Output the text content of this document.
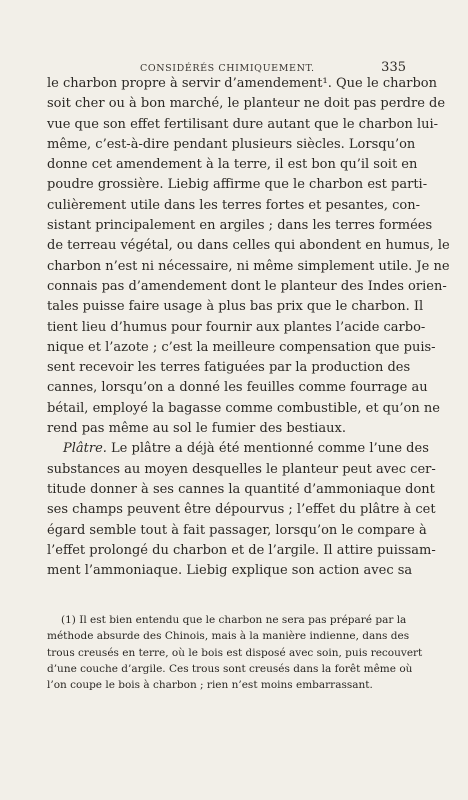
CONSIDÉRÉS CHIMIQUEMENT.	335
le charbon propre à servir d’amendement¹. Que le charbon
soit cher ou à bon marché, le planteur ne doit pas perdre de
vue que son effet fertilisant dure autant que le charbon lui-
même, c’est-à-dire pendant plusieurs siècles. Lorsqu’on
donne cet amendement à la terre, il est bon qu’il soit en
poudre grossière. Liebig affirme que le charbon est parti-
culièrement utile dans les terres fortes et pesantes, con-
sistant principalement en argiles ; dans les terres formées
de terreau végétal, ou dans celles qui abondent en humus, le
charbon n’est ni nécessaire, ni même simplement utile. Je ne
connais pas d’amendement dont le planteur des Indes orien-
tales puisse faire usage à plus bas prix que le charbon. Il
tient lieu d’humus pour fournir aux plantes l’acide carbo-
nique et l’azote ; c’est la meilleure compensation que puis-
sent recevoir les terres fatiguées par la production des
cannes, lorsqu’on a donné les feuilles comme fourrage au
bétail, employé la bagasse comme combustible, et qu’on ne
rend pas même au sol le fumier des bestiaux.
Plâtre. Le plâtre a déjà été mentionné comme l’une des
substances au moyen desquelles le planteur peut avec cer-
titude donner à ses cannes la quantité d’ammoniaque dont
ses champs peuvent être dépourvus ; l’effet du plâtre à cet
égard semble tout à fait passager, lorsqu’on le compare à
l’effet prolongé du charbon et de l’argile. Il attire puissam-
ment l’ammoniaque. Liebig explique son action avec sa
(1) Il est bien entendu que le charbon ne sera pas préparé par la
méthode absurde des Chinois, mais à la manière indienne, dans des
trous creusés en terre, où le bois est disposé avec soin, puis recouvert
d’une couche d’argile. Ces trous sont creusés dans la forêt même où
l’on coupe le bois à charbon ; rien n’est moins embarrassant.
